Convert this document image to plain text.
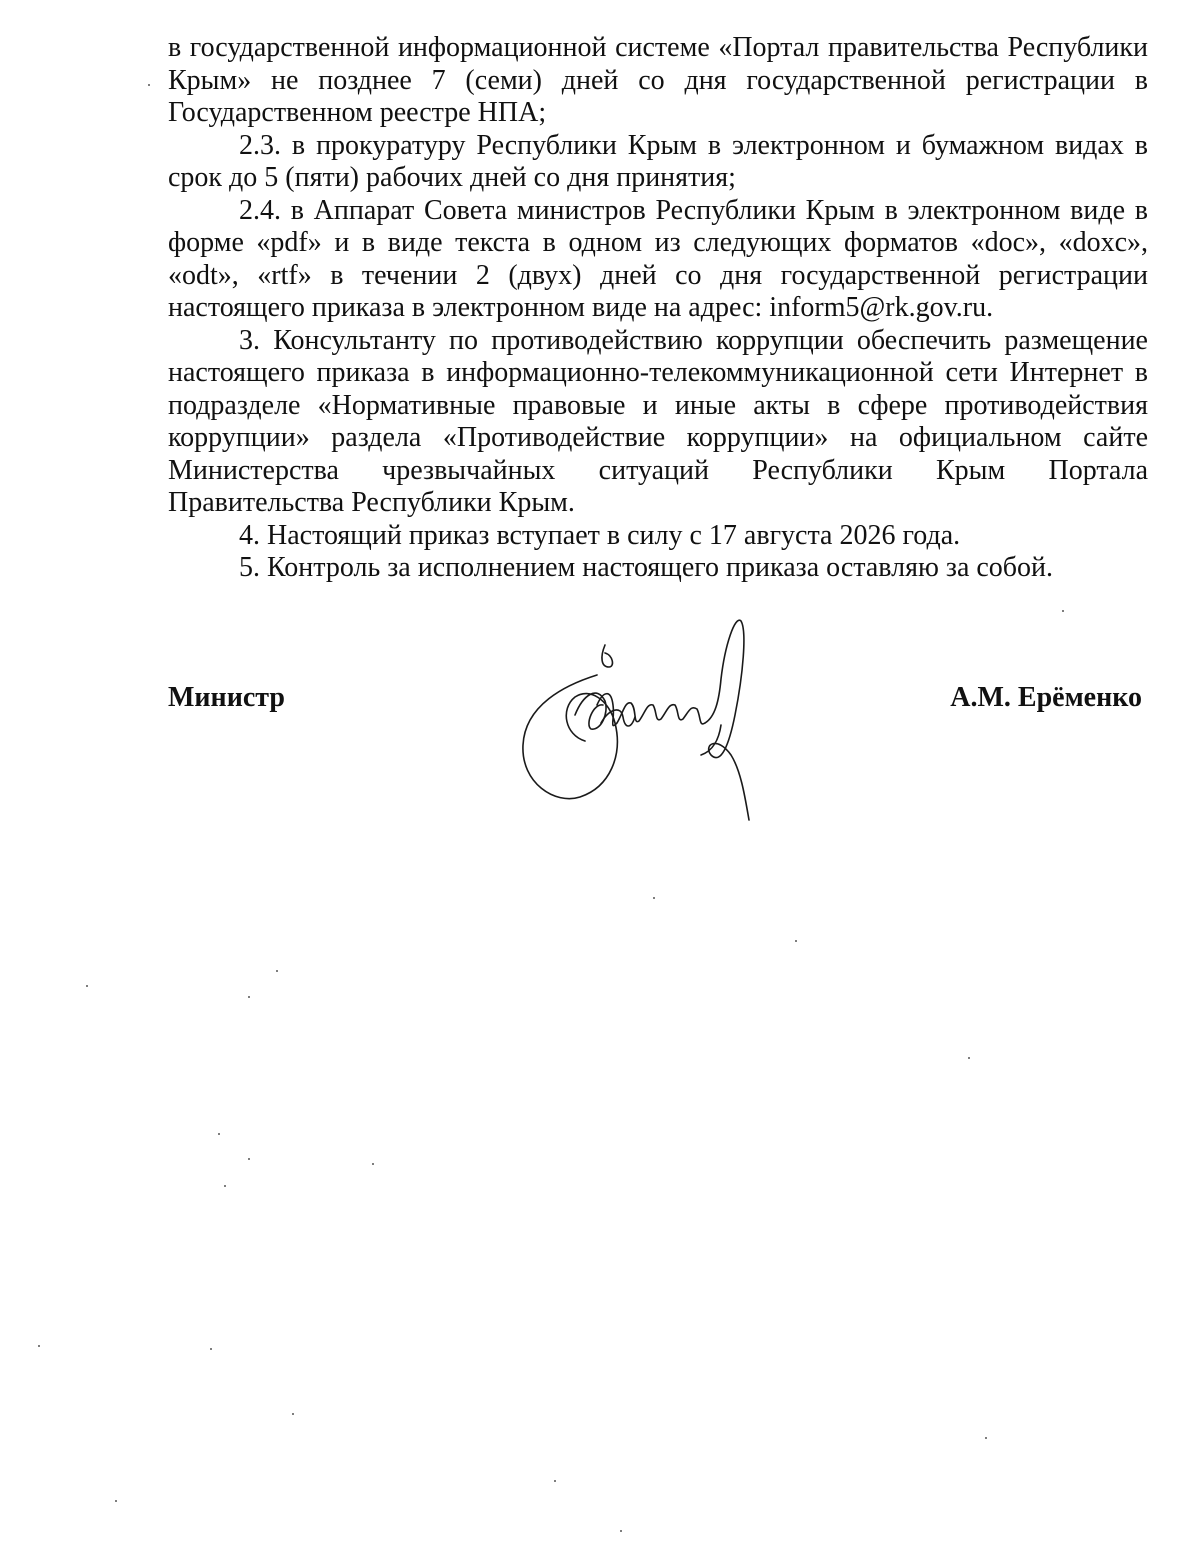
в государственной информационной системе «Портал правительства Республики Крым» не позднее 7 (семи) дней со дня государственной регистрации в Государственном реестре НПА;

2.3. в прокуратуру Республики Крым в электронном и бумажном видах в срок до 5 (пяти) рабочих дней со дня принятия;

2.4. в Аппарат Совета министров Республики Крым в электронном виде в форме «pdf» и в виде текста в одном из следующих форматов «doc», «doxc», «odt», «rtf» в течении 2 (двух) дней со дня государственной регистрации настоящего приказа в электронном виде на адрес: inform5@rk.gov.ru.

3. Консультанту по противодействию коррупции обеспечить размещение настоящего приказа в информационно-телекоммуникационной сети Интернет в подразделе «Нормативные правовые и иные акты в сфере противодействия коррупции» раздела «Противодействие коррупции» на официальном сайте Министерства чрезвычайных ситуаций Республики Крым Портала Правительства Республики Крым.

4. Настоящий приказ вступает в силу с 17 августа 2026 года.

5. Контроль за исполнением настоящего приказа оставляю за собой.

Министр	А.М. Ерёменко
